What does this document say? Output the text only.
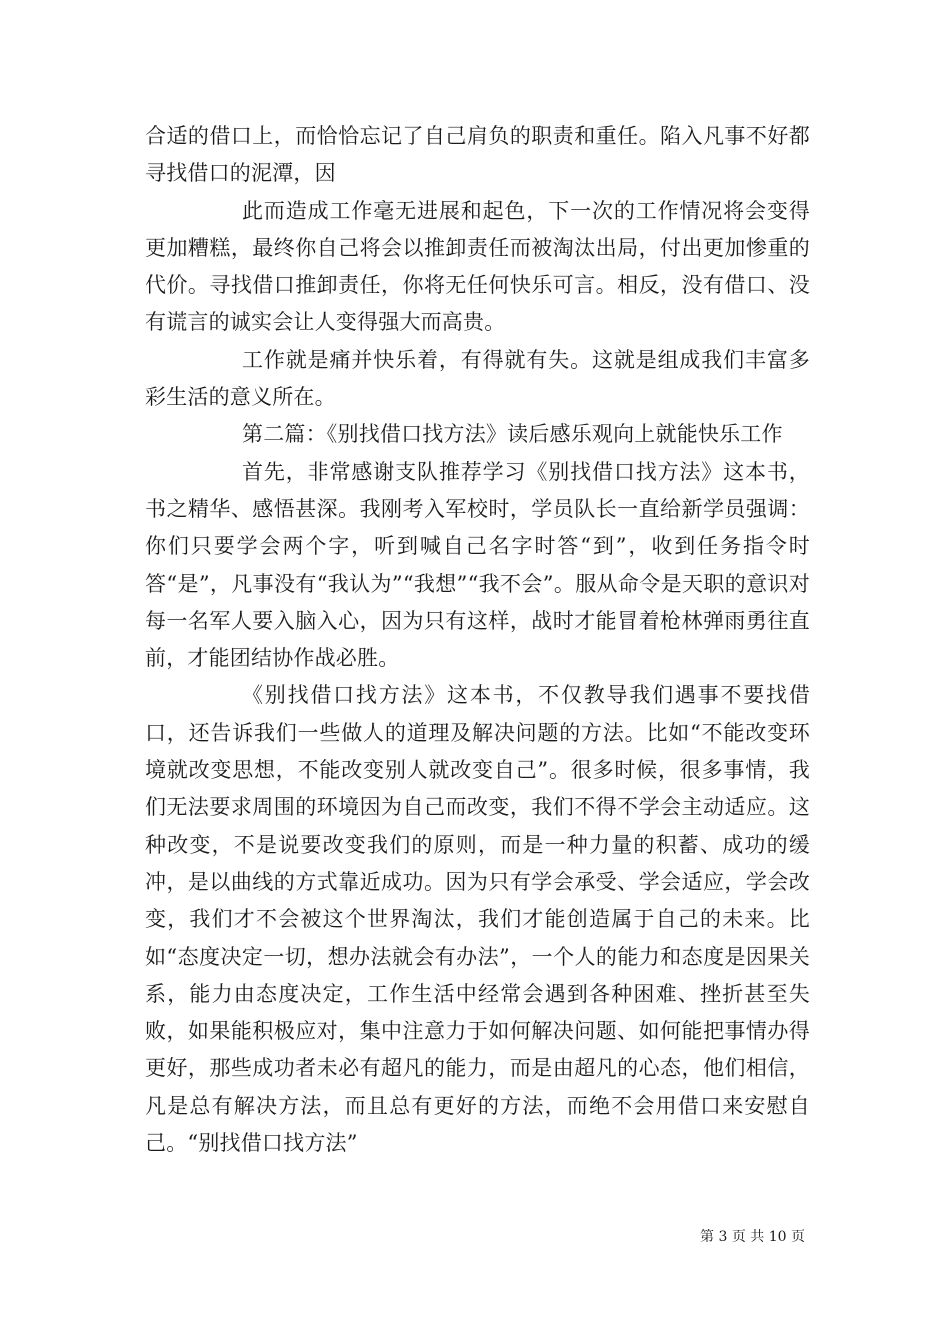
合适的借口上，而恰恰忘记了自己肩负的职责和重任。陷入凡事不好都寻找借口的泥潭，因

此而造成工作毫无进展和起色，下一次的工作情况将会变得更加糟糕，最终你自己将会以推卸责任而被淘汰出局，付出更加惨重的代价。寻找借口推卸责任，你将无任何快乐可言。相反，没有借口、没有谎言的诚实会让人变得强大而高贵。

工作就是痛并快乐着，有得就有失。这就是组成我们丰富多彩生活的意义所在。

第二篇：《别找借口找方法》读后感乐观向上就能快乐工作

首先，非常感谢支队推荐学习《别找借口找方法》这本书，书之精华、感悟甚深。我刚考入军校时，学员队长一直给新学员强调：你们只要学会两个字，听到喊自己名字时答“到”，收到任务指令时答“是”，凡事没有“我认为”“我想”“我不会”。服从命令是天职的意识对每一名军人要入脑入心，因为只有这样，战时才能冒着枪林弹雨勇往直前，才能团结协作战必胜。

《别找借口找方法》这本书，不仅教导我们遇事不要找借口，还告诉我们一些做人的道理及解决问题的方法。比如“不能改变环境就改变思想，不能改变别人就改变自己”。很多时候，很多事情，我们无法要求周围的环境因为自己而改变，我们不得不学会主动适应。这种改变，不是说要改变我们的原则，而是一种力量的积蓄、成功的缓冲，是以曲线的方式靠近成功。因为只有学会承受、学会适应，学会改变，我们才不会被这个世界淘汰，我们才能创造属于自己的未来。比如“态度决定一切，想办法就会有办法”，一个人的能力和态度是因果关系，能力由态度决定，工作生活中经常会遇到各种困难、挫折甚至失败，如果能积极应对，集中注意力于如何解决问题、如何能把事情办得更好，那些成功者未必有超凡的能力，而是由超凡的心态，他们相信，凡是总有解决方法，而且总有更好的方法，而绝不会用借口来安慰自己。“别找借口找方法”

第 3 页 共 10 页
